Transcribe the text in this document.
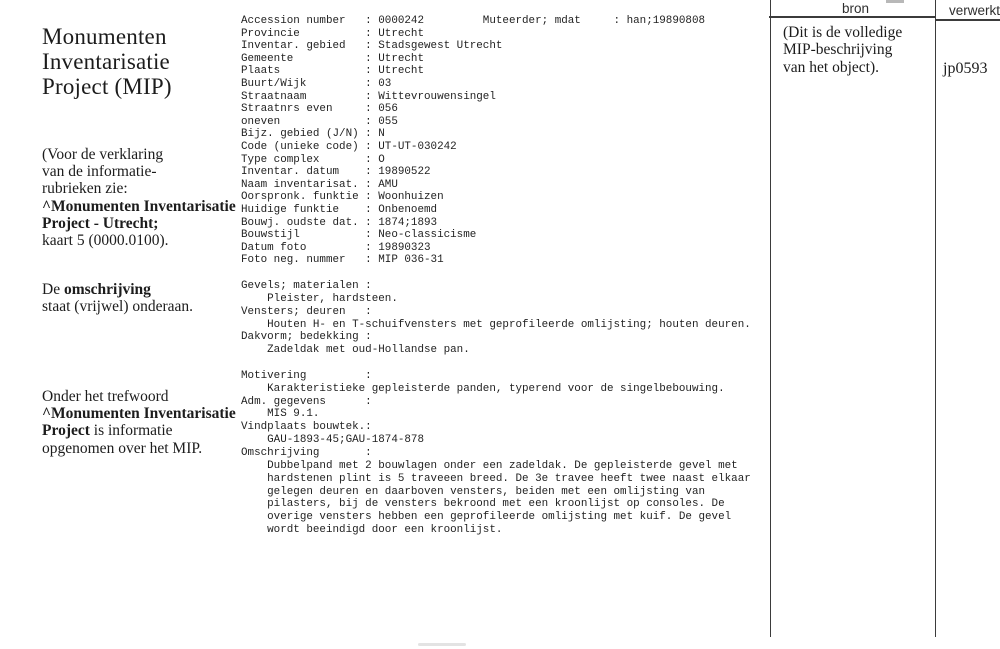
Monumenten
Inventarisatie
Project (MIP)
(Voor de verklaring
van de informatie-
rubrieken zie:
^Monumenten Inventarisatie
Project - Utrecht;
kaart 5 (0000.0100).
De omschrijving
staat (vrijwel) onderaan.
Onder het trefwoord
^Monumenten Inventarisatie
Project is informatie
opgenomen over het MIP.
Accession number   : 0000242         Muteerder; mdat     : han;19890808
Provincie          : Utrecht
Inventar. gebied   : Stadsgewest Utrecht
Gemeente           : Utrecht
Plaats             : Utrecht
Buurt/Wijk         : 03
Straatnaam         : Wittevrouwensingel
Straatnrs even     : 056
oneven             : 055
Bijz. gebied (J/N) : N
Code (unieke code) : UT-UT-030242
Type complex       : O
Inventar. datum    : 19890522
Naam inventarisat. : AMU
Oorspronk. funktie : Woonhuizen
Huidige funktie    : Onbenoemd
Bouwj. oudste dat. : 1874;1893
Bouwstijl          : Neo-classicisme
Datum foto         : 19890323
Foto neg. nummer   : MIP 036-31
Gevels; materialen :
Pleister, hardsteen.
Vensters; deuren   :
Houten H- en T-schuifvensters met geprofileerde omlijsting; houten deuren.
Dakvorm; bedekking :
Zadeldak met oud-Hollandse pan.
Motivering         :
Karakteristieke gepleisterde panden, typerend voor de singelbebouwing.
Adm. gegevens      :
MIS 9.1.
Vindplaats bouwtek.:
GAU-1893-45;GAU-1874-878
Omschrijving       :
Dubbelpand met 2 bouwlagen onder een zadeldak. De gepleisterde gevel met
hardstenen plint is 5 traveeen breed. De 3e travee heeft twee naast elkaar
gelegen deuren en daarboven vensters, beiden met een omlijsting van
pilasters, bij de vensters bekroond met een kroonlijst op consoles. De
overige vensters hebben een geprofileerde omlijsting met kuif. De gevel
wordt beeindigd door een kroonlijst.
bron	verwerkt
(Dit is de volledige
MIP-beschrijving
van het object).	jp0593
